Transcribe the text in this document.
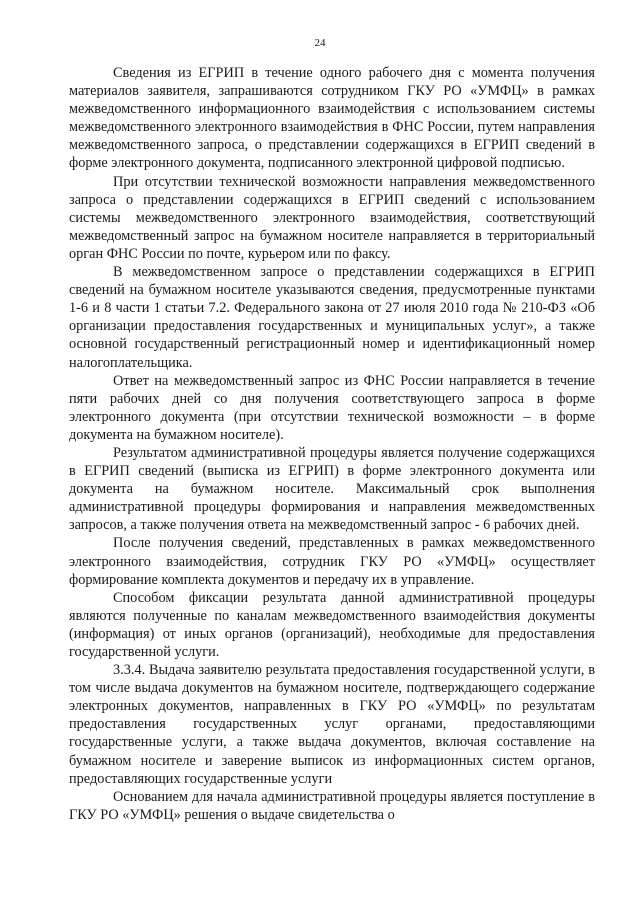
24

Сведения из ЕГРИП в течение одного рабочего дня с момента получения материалов заявителя, запрашиваются сотрудником ГКУ РО «УМФЦ» в рамках межведомственного информационного взаимодействия с использованием системы межведомственного электронного взаимодействия в ФНС России, путем направления межведомственного запроса, о представлении содержащихся в ЕГРИП сведений в форме электронного документа, подписанного электронной цифровой подписью.

При отсутствии технической возможности направления межведомственного запроса о представлении содержащихся в ЕГРИП сведений с использованием системы межведомственного электронного взаимодействия, соответствующий межведомственный запрос на бумажном носителе направляется в территориальный орган ФНС России по почте, курьером или по факсу.

В межведомственном запросе о представлении содержащихся в ЕГРИП сведений на бумажном носителе указываются сведения, предусмотренные пунктами 1-6 и 8 части 1 статьи 7.2. Федерального закона от 27 июля 2010 года № 210-ФЗ «Об организации предоставления государственных и муниципальных услуг», а также основной государственный регистрационный номер и идентификационный номер налогоплательщика.

Ответ на межведомственный запрос из ФНС России направляется в течение пяти рабочих дней со дня получения соответствующего запроса в форме электронного документа (при отсутствии технической возможности – в форме документа на бумажном носителе).

Результатом административной процедуры является получение содержащихся в ЕГРИП сведений (выписка из ЕГРИП) в форме электронного документа или документа на бумажном носителе. Максимальный срок выполнения административной процедуры формирования и направления межведомственных запросов, а также получения ответа на межведомственный запрос - 6 рабочих дней.

После получения сведений, представленных в рамках межведомственного электронного взаимодействия, сотрудник ГКУ РО «УМФЦ» осуществляет формирование комплекта документов и передачу их в управление.

Способом фиксации результата данной административной процедуры являются полученные по каналам межведомственного взаимодействия документы (информация) от иных органов (организаций), необходимые для предоставления государственной услуги.

3.3.4. Выдача заявителю результата предоставления государственной услуги, в том числе выдача документов на бумажном носителе, подтверждающего содержание электронных документов, направленных в ГКУ РО «УМФЦ» по результатам предоставления государственных услуг органами, предоставляющими государственные услуги, а также выдача документов, включая составление на бумажном носителе и заверение выписок из информационных систем органов, предоставляющих государственные услуги

Основанием для начала административной процедуры является поступление в ГКУ РО «УМФЦ» решения о выдаче свидетельства о
